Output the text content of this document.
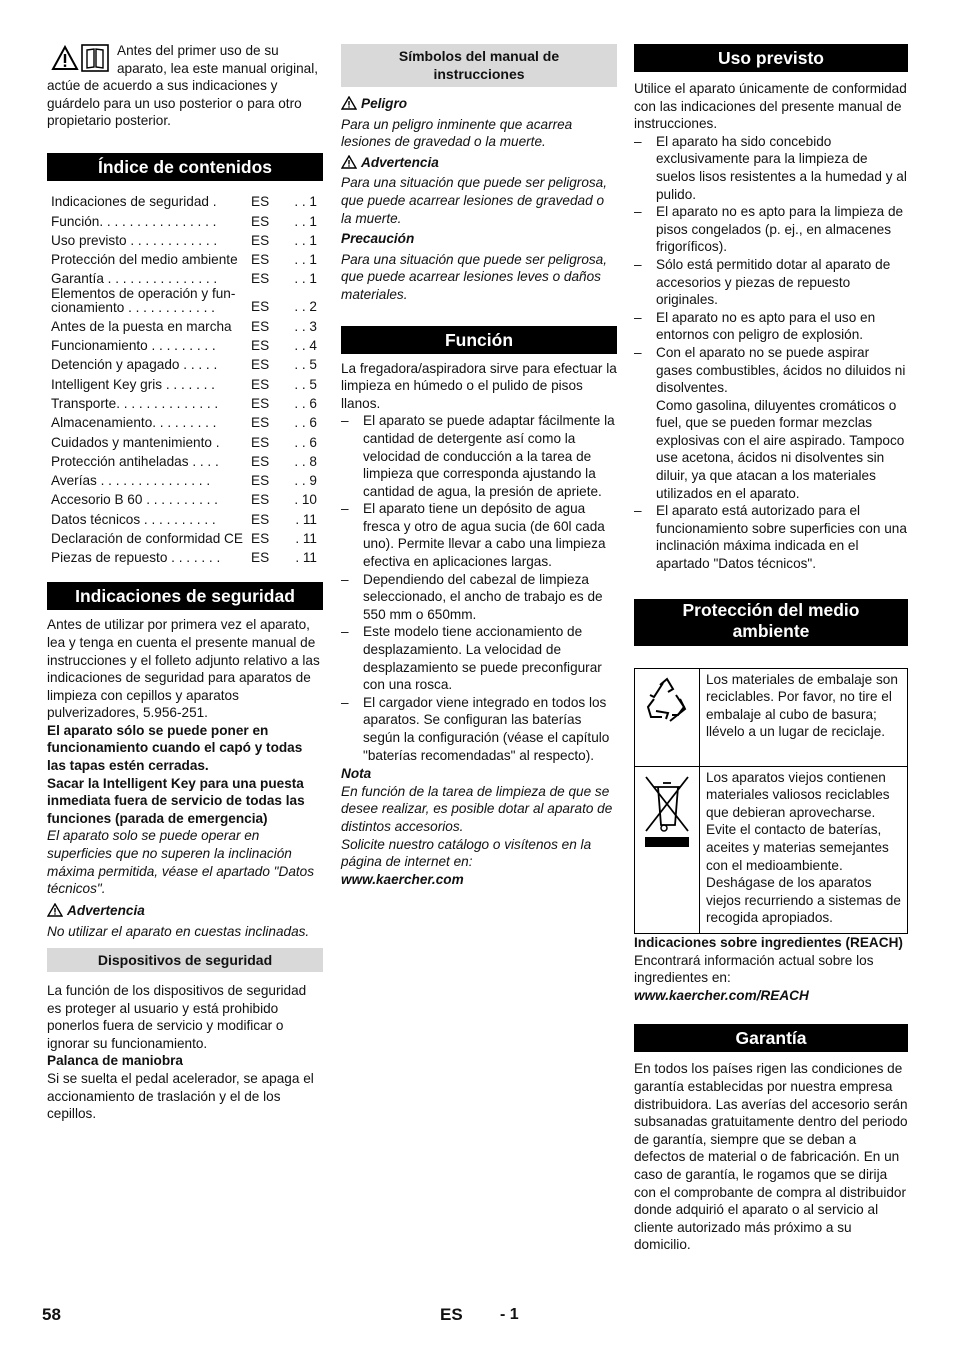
Antes del primer uso de su aparato, lea este manual original, actúe de acuerdo a sus indicaciones y guárdelo para un uso posterior o para otro propietario posterior.

Índice de contenidos
Indicaciones de seguridad .	ES	. . 1
Función. . . . . . . . . . . . . . . .	ES	. . 1
Uso previsto . . . . . . . . . . . .	ES	. . 1
Protección del medio ambiente	ES	. . 1
Garantía . . . . . . . . . . . . . . .	ES	. . 1

Elementos de operación y fun-
cionamiento . . . . . . . . . . . .	ES	. . 2
Antes de la puesta en marcha	ES	. . 3
Funcionamiento . . . . . . . . .	ES	. . 4
Detención y apagado . . . . .	ES	. . 5
Intelligent Key gris . . . . . . .	ES	. . 5
Transporte. . . . . . . . . . . . . .	ES	. . 6
Almacenamiento. . . . . . . . .	ES	. . 6
Cuidados y mantenimiento .	ES	. . 6
Protección antiheladas . . . .	ES	. . 8
Averías . . . . . . . . . . . . . . .	ES	. . 9
Accesorio B 60 . . . . . . . . . .	ES	. 10
Datos técnicos . . . . . . . . . .	ES	. 11
Declaración de conformidad CE	ES	. 11
Piezas de repuesto . . . . . . .	ES	. 11
Indicaciones de seguridad

Antes de utilizar por primera vez el aparato, lea y tenga en cuenta el presente manual de instrucciones y el folleto adjunto relativo a las indicaciones de seguridad para aparatos de limpieza con cepillos y aparatos pulverizadores, 5.956-251.

El aparato sólo se puede poner en funcionamiento cuando el capó y todas las tapas estén cerradas.

Sacar la Intelligent Key para una puesta inmediata fuera de servicio de todas las funciones (parada de emergencia)

El aparato solo se puede operar en superficies que no superen la inclinación máxima permitida, véase el apartado "Datos técnicos".

Advertencia

No utilizar el aparato en cuestas inclinadas.

Dispositivos de seguridad

La función de los dispositivos de seguridad es proteger al usuario y está prohibido ponerlos fuera de servicio y modificar o ignorar su funcionamiento.

Palanca de maniobra

Si se suelta el pedal acelerador, se apaga el accionamiento de traslación y el de los cepillos.

Símbolos del manual de instrucciones

Peligro

Para un peligro inminente que acarrea lesiones de gravedad o la muerte.

Advertencia

Para una situación que puede ser peligrosa, que puede acarrear lesiones de gravedad o la muerte.

Precaución

Para una situación que puede ser peligrosa, que puede acarrear lesiones leves o daños materiales.

Función

La fregadora/aspiradora sirve para efectuar la limpieza en húmedo o el pulido de pisos llanos.

– El aparato se puede adaptar fácilmente la cantidad de detergente así como la velocidad de conducción a la tarea de limpieza que corresponda ajustando la cantidad de agua, la presión de apriete.
– El aparato tiene un depósito de agua fresca y otro de agua sucia (de 60l cada uno). Permite llevar a cabo una limpieza efectiva en aplicaciones largas.
– Dependiendo del cabezal de limpieza seleccionado, el ancho de trabajo es de 550 mm o 650mm.
– Este modelo tiene accionamiento de desplazamiento. La velocidad de desplazamiento se puede preconfigurar con una rosca.
– El cargador viene integrado en todos los aparatos. Se configuran las baterías según la configuración (véase el capítulo "baterías recomendadas" al respecto).

Nota

En función de la tarea de limpieza de que se desee realizar, es posible dotar al aparato de distintos accesorios.

Solicite nuestro catálogo o visítenos en la página de internet en:

www.kaercher.com

Uso previsto

Utilice el aparato únicamente de conformidad con las indicaciones del presente manual de instrucciones.

– El aparato ha sido concebido exclusivamente para la limpieza de suelos lisos resistentes a la humedad y al pulido.
– El aparato no es apto para la limpieza de pisos congelados (p. ej., en almacenes frigoríficos).
– Sólo está permitido dotar al aparato de accesorios y piezas de repuesto originales.
– El aparato no es apto para el uso en entornos con peligro de explosión.
– Con el aparato no se puede aspirar gases combustibles, ácidos no diluidos ni disolventes.

Como gasolina, diluyentes cromáticos o fuel, que se pueden formar mezclas explosivas con el aire aspirado. Tampoco use acetona, ácidos ni disolventes sin diluir, ya que atacan a los materiales utilizados en el aparato.

– El aparato está autorizado para el funcionamiento sobre superficies con una inclinación máxima indicada en el apartado "Datos técnicos".
Protección del medio ambiente
	Los materiales de embalaje son reciclables. Por favor, no tire el embalaje al cubo de basura; llévelo a un lugar de reciclaje.
	Los aparatos viejos contienen materiales valiosos reciclables que debieran aprovecharse. Evite el contacto de baterías, aceites y materias semejantes con el medioambiente. Deshágase de los aparatos viejos recurriendo a sistemas de recogida apropiados.

Indicaciones sobre ingredientes (REACH)

Encontrará información actual sobre los ingredientes en:

www.kaercher.com/REACH

Garantía

En todos los países rigen las condiciones de garantía establecidas por nuestra empresa distribuidora. Las averías del accesorio serán subsanadas gratuitamente dentro del periodo de garantía, siempre que se deban a defectos de material o de fabricación. En un caso de garantía, le rogamos que se dirija con el comprobante de compra al distribuidor donde adquirió el aparato o al servicio al cliente autorizado más próximo a su domicilio.

58	ES - 1
